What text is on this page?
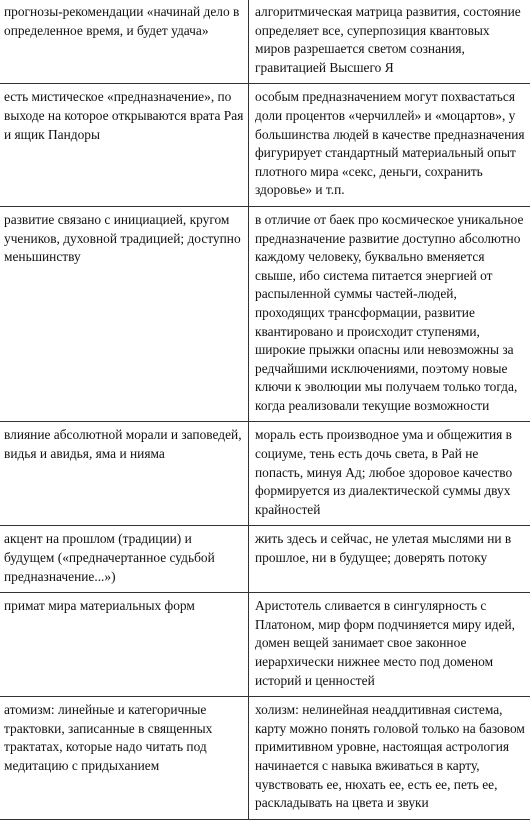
прогнозы-рекомендации «начинай дело в определенное время, и будет удача»	алгоритмическая матрица развития, состояние определяет все, суперпозиция квантовых миров разрешается светом сознания, гравитацией Высшего Я

есть мистическое «предназначение», по выходе на которое открываются врата Рая и ящик Пандоры	особым предназначением могут похвастаться доли процентов «черчиллей» и «моцартов», у большинства людей в качестве предназначения фигурирует стандартный материальный опыт плотного мира «секс, деньги, сохранить здоровье» и т.п.

развитие связано с инициацией, кругом учеников, духовной традицией; доступно меньшинству	в отличие от баек про космическое уникальное предназначение развитие доступно абсолютно каждому человеку, буквально вменяется свыше, ибо система питается энергией от распыленной суммы частей-людей, проходящих трансформации, развитие квантировано и происходит ступенями, широкие прыжки опасны или невозможны за редчайшими исключениями, поэтому новые ключи к эволюции мы получаем только тогда, когда реализовали текущие возможности

влияние абсолютной морали и заповедей, видья и авидья, яма и нияма	мораль есть производное ума и общежития в социуме, тень есть дочь света, в Рай не попасть, минуя Ад; любое здоровое качество формируется из диалектической суммы двух крайностей

акцент на прошлом (традиции) и будущем («предначертанное судьбой предназначение...»)	жить здесь и сейчас, не улетая мыслями ни в прошлое, ни в будущее; доверять потоку

примат мира материальных форм	Аристотель сливается в сингулярность с Платоном, мир форм подчиняется миру идей, домен вещей занимает свое законное иерархически нижнее место под доменом историй и ценностей

атомизм: линейные и категоричные трактовки, записанные в священных трактатах, которые надо читать под медитацию с придыханием	холизм: нелинейная неаддитивная система, карту можно понять головой только на базовом примитивном уровне, настоящая астрология начинается с навыка вживаться в карту, чувствовать ее, нюхать ее, есть ее, петь ее, раскладывать на цвета и звуки
